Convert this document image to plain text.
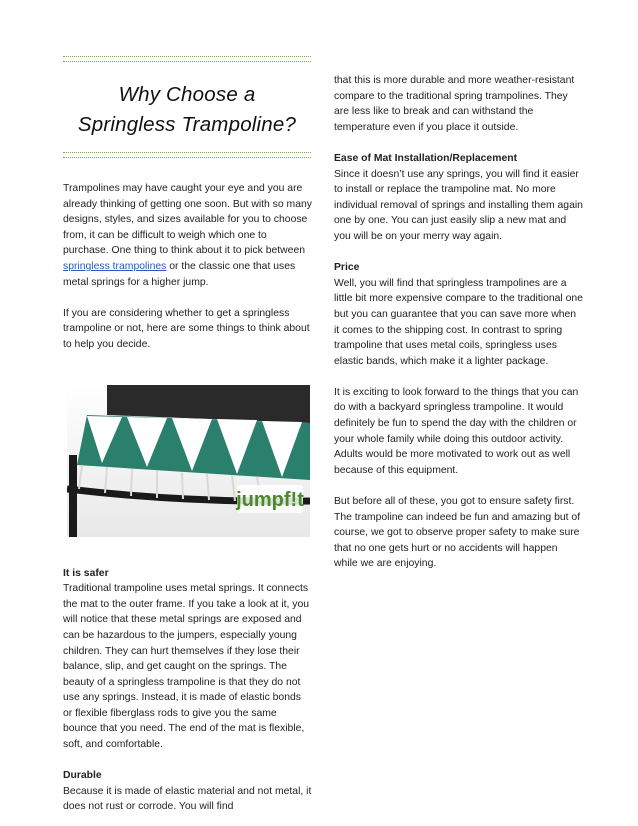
Why Choose a
Springless Trampoline?

Trampolines may have caught your eye and you are already thinking of getting one soon. But with so many designs, styles, and sizes available for you to choose from, it can be difficult to weigh which one to purchase. One thing to think about it to pick between springless trampolines or the classic one that uses metal springs for a higher jump.

If you are considering whether to get a springless trampoline or not, here are some things to think about to help you decide.

jumpf!t

It is safer

Traditional trampoline uses metal springs. It connects the mat to the outer frame. If you take a look at it, you will notice that these metal springs are exposed and can be hazardous to the jumpers, especially young children. They can hurt themselves if they lose their balance, slip, and get caught on the springs. The beauty of a springless trampoline is that they do not use any springs. Instead, it is made of elastic bonds or flexible fiberglass rods to give you the same bounce that you need. The end of the mat is flexible, soft, and comfortable.

Durable

Because it is made of elastic material and not metal, it does not rust or corrode. You will find

that this is more durable and more weather-resistant compare to the traditional spring trampolines. They are less like to break and can withstand the temperature even if you place it outside.

Ease of Mat Installation/Replacement

Since it doesn’t use any springs, you will find it easier to install or replace the trampoline mat. No more individual removal of springs and installing them again one by one. You can just easily slip a new mat and you will be on your merry way again.

Price

Well, you will find that springless trampolines are a little bit more expensive compare to the traditional one but you can guarantee that you can save more when it comes to the shipping cost. In contrast to spring trampoline that uses metal coils, springless uses elastic bands, which make it a lighter package.

It is exciting to look forward to the things that you can do with a backyard springless trampoline. It would definitely be fun to spend the day with the children or your whole family while doing this outdoor activity. Adults would be more motivated to work out as well because of this equipment.

But before all of these, you got to ensure safety first. The trampoline can indeed be fun and amazing but of course, we got to observe proper safety to make sure that no one gets hurt or no accidents will happen while we are enjoying.
